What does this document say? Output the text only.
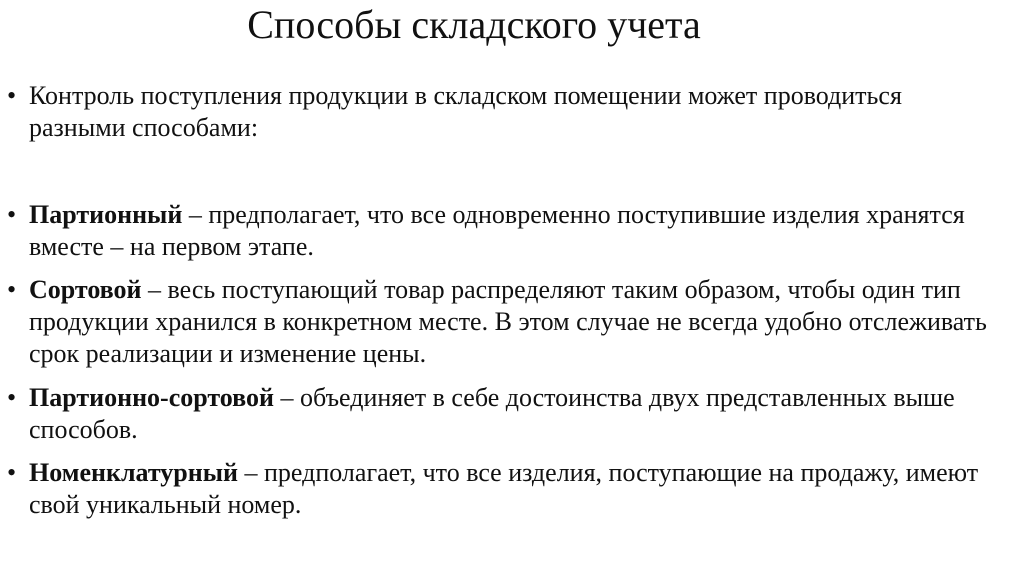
Способы складского учета
• Контроль поступления продукции в складском помещении может проводиться разными способами:
• Партионный – предполагает, что все одновременно поступившие изделия хранятся вместе – на первом этапе.
• Сортовой – весь поступающий товар распределяют таким образом, чтобы один тип продукции хранился в конкретном месте. В этом случае не всегда удобно отслеживать срок реализации и изменение цены.
• Партионно-сортовой – объединяет в себе достоинства двух представленных выше способов.
• Номенклатурный – предполагает, что все изделия, поступающие на продажу, имеют свой уникальный номер.
